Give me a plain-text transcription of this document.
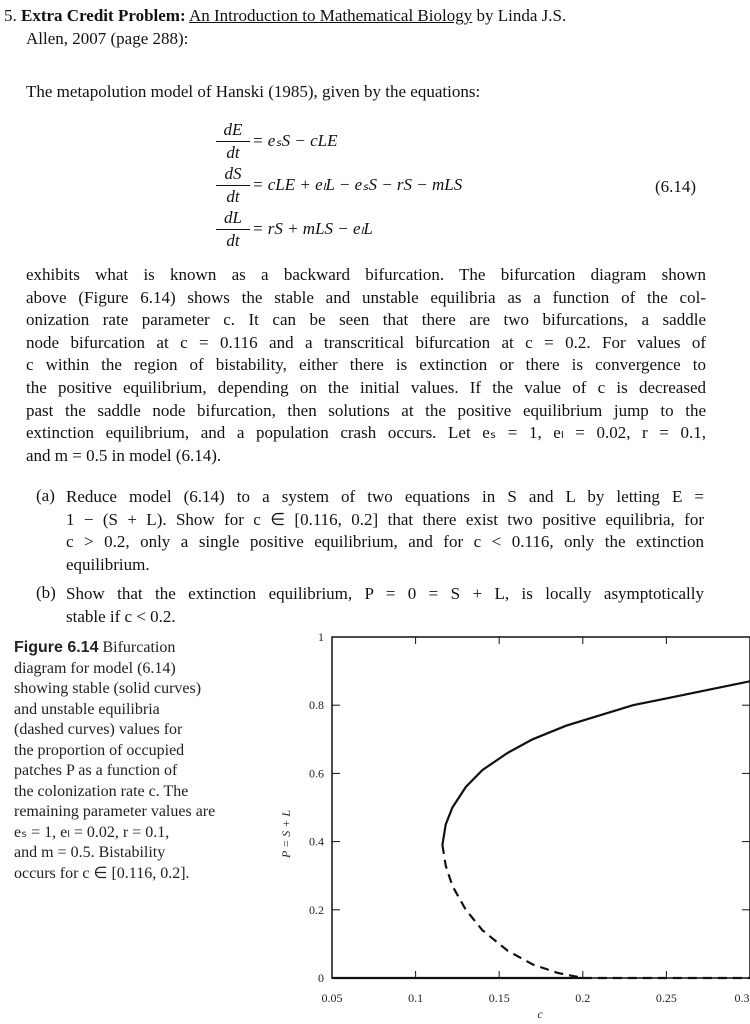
5. Extra Credit Problem: An Introduction to Mathematical Biology by Linda J.S.
Allen, 2007 (page 288):
The metapolution model of Hanski (1985), given by the equations:
dE
dt
= eₛS − cLE
dS
dt
= cLE + eₗL − eₛS − rS − mLS
dL
dt
= rS + mLS − eₗL
(6.14)
exhibits what is known as a backward bifurcation. The bifurcation diagram shown
above (Figure 6.14) shows the stable and unstable equilibria as a function of the col-
onization rate parameter c. It can be seen that there are two bifurcations, a saddle
node bifurcation at c = 0.116 and a transcritical bifurcation at c = 0.2. For values of
c within the region of bistability, either there is extinction or there is convergence to
the positive equilibrium, depending on the initial values. If the value of c is decreased
past the saddle node bifurcation, then solutions at the positive equilibrium jump to the
extinction equilibrium, and a population crash occurs. Let eₛ = 1, eₗ = 0.02, r = 0.1,
and m = 0.5 in model (6.14).
(a) Reduce model (6.14) to a system of two equations in S and L by letting E =
1 − (S + L). Show for c ∈ [0.116, 0.2] that there exist two positive equilibria, for
c > 0.2, only a single positive equilibrium, and for c < 0.116, only the extinction
equilibrium.
(b) Show that the extinction equilibrium, P = 0 = S + L, is locally asymptotically
stable if c < 0.2.
Figure 6.14 Bifurcation
diagram for model (6.14)
showing stable (solid curves)
and unstable equilibria
(dashed curves) values for
the proportion of occupied
patches P as a function of
the colonization rate c. The
remaining parameter values are
eₛ = 1, eₗ = 0.02, r = 0.1,
and m = 0.5. Bistability
occurs for c ∈ [0.116, 0.2].
0.05	0.1	0.15	0.2	0.25	0.3
0
0.2
0.4
0.6
0.8
1
P = S + L
c
